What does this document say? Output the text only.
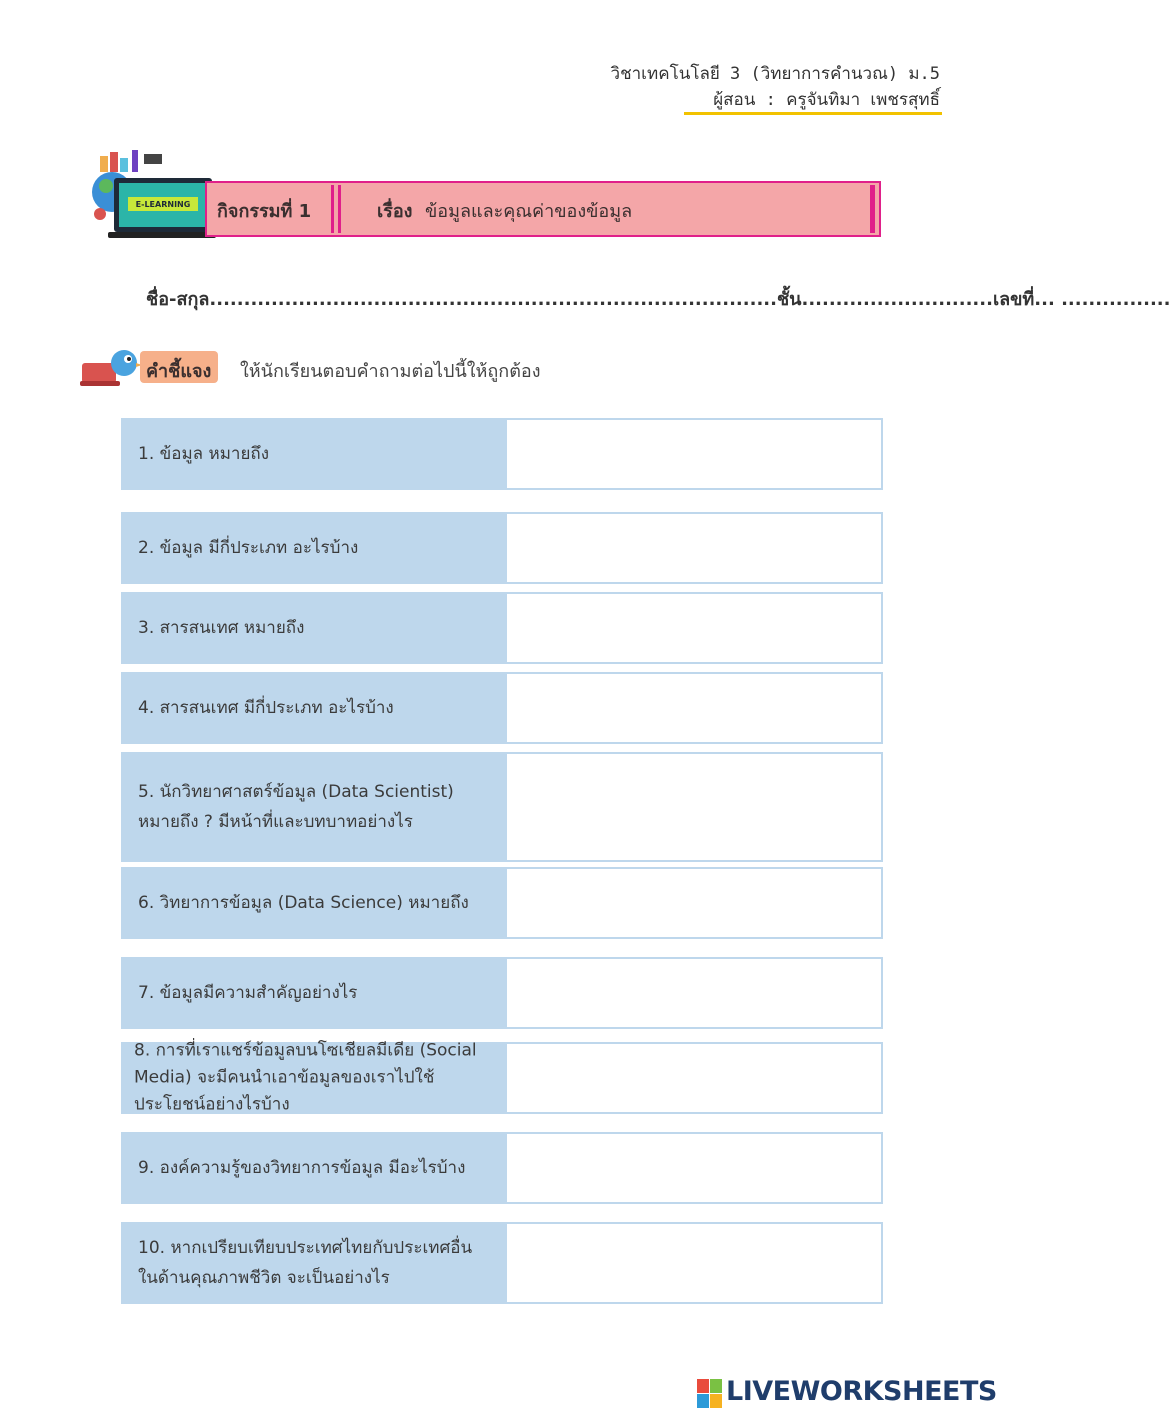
วิชาเทคโนโลยี 3 (วิทยาการคำนวณ) ม.5
ผู้สอน : ครูจันทิมา เพชรสุทธิ์
E-LEARNING กิจกรรมที่ 1	เรื่อง ข้อมูลและคุณค่าของข้อมูล
ชื่อ-สกุล...................................................................................ชั้น............................เลขที่... ................
คำชี้แจง ให้นักเรียนตอบคำถามต่อไปนี้ให้ถูกต้อง
1. ข้อมูล หมายถึง
2. ข้อมูล มีกี่ประเภท อะไรบ้าง
3. สารสนเทศ หมายถึง
4. สารสนเทศ มีกี่ประเภท อะไรบ้าง
5. นักวิทยาศาสตร์ข้อมูล (Data Scientist) หมายถึง ? มีหน้าที่และบทบาทอย่างไร
6. วิทยาการข้อมูล (Data Science) หมายถึง
7. ข้อมูลมีความสำคัญอย่างไร
8. การที่เราแชร์ข้อมูลบนโซเชียลมีเดีย (Social Media) จะมีคนนำเอาข้อมูลของเราไปใช้ประโยชน์อย่างไรบ้าง
9. องค์ความรู้ของวิทยาการข้อมูล มีอะไรบ้าง
10. หากเปรียบเทียบประเทศไทยกับประเทศอื่น ในด้านคุณภาพชีวิต จะเป็นอย่างไร
LIVEWORKSHEETS
